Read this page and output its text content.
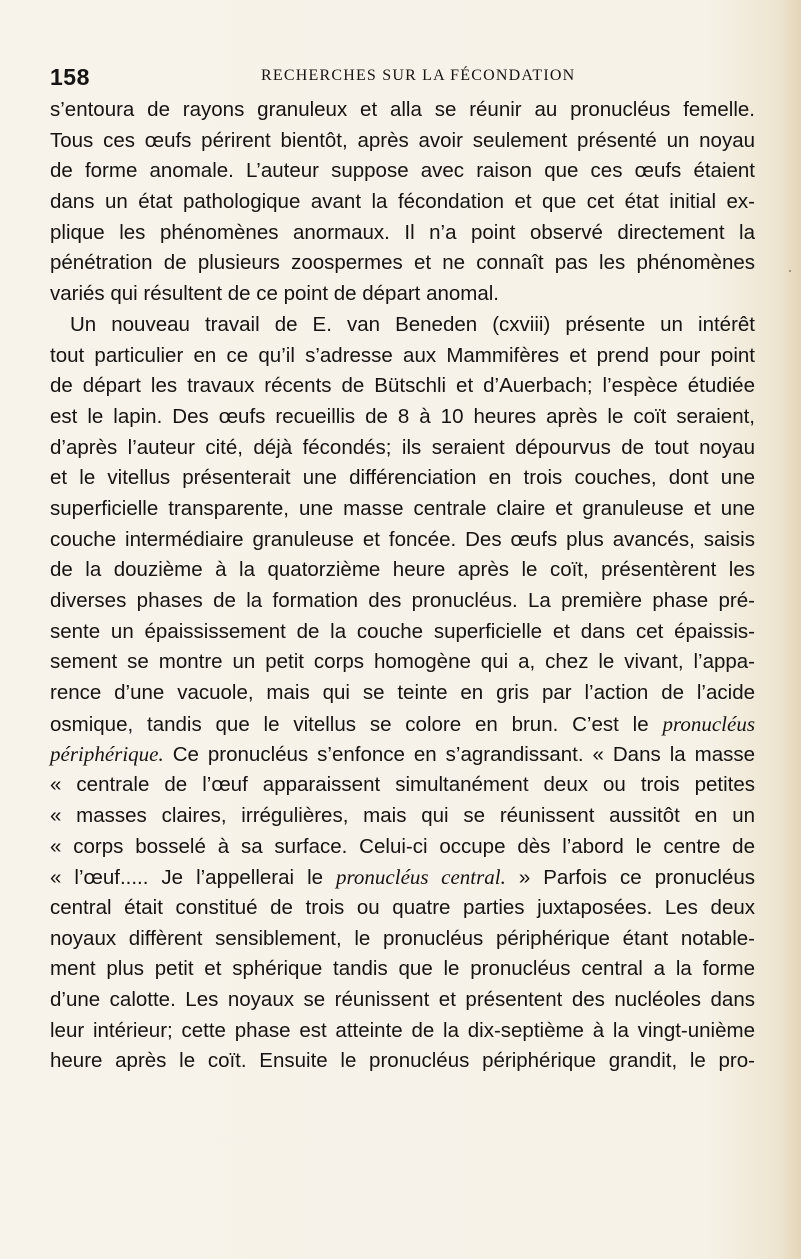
158	RECHERCHES SUR LA FÉCONDATION
s’entoura de rayons granuleux et alla se réunir au pronucléus femelle.
Tous ces œufs périrent bientôt, après avoir seulement présenté un noyau
de forme anomale. L’auteur suppose avec raison que ces œufs étaient
dans un état pathologique avant la fécondation et que cet état initial ex-
plique les phénomènes anormaux. Il n’a point observé directement la
pénétration de plusieurs zoospermes et ne connaît pas les phénomènes
variés qui résultent de ce point de départ anomal.
Un nouveau travail de E. van Beneden (cxviii) présente un intérêt
tout particulier en ce qu’il s’adresse aux Mammifères et prend pour point
de départ les travaux récents de Bütschli et d’Auerbach; l’espèce étudiée
est le lapin. Des œufs recueillis de 8 à 10 heures après le coït seraient,
d’après l’auteur cité, déjà fécondés; ils seraient dépourvus de tout noyau
et le vitellus présenterait une différenciation en trois couches, dont une
superficielle transparente, une masse centrale claire et granuleuse et une
couche intermédiaire granuleuse et foncée. Des œufs plus avancés, saisis
de la douzième à la quatorzième heure après le coït, présentèrent les
diverses phases de la formation des pronucléus. La première phase pré-
sente un épaississement de la couche superficielle et dans cet épaissis-
sement se montre un petit corps homogène qui a, chez le vivant, l’appa-
rence d’une vacuole, mais qui se teinte en gris par l’action de l’acide
osmique, tandis que le vitellus se colore en brun. C’est le pronucléus
périphérique. Ce pronucléus s’enfonce en s’agrandissant. « Dans la masse
« centrale de l’œuf apparaissent simultanément deux ou trois petites
« masses claires, irrégulières, mais qui se réunissent aussitôt en un
« corps bosselé à sa surface. Celui-ci occupe dès l’abord le centre de
« l’œuf..... Je l’appellerai le pronucléus central. » Parfois ce pronucléus
central était constitué de trois ou quatre parties juxtaposées. Les deux
noyaux diffèrent sensiblement, le pronucléus périphérique étant notable-
ment plus petit et sphérique tandis que le pronucléus central a la forme
d’une calotte. Les noyaux se réunissent et présentent des nucléoles dans
leur intérieur; cette phase est atteinte de la dix-septième à la vingt-unième
heure après le coït. Ensuite le pronucléus périphérique grandit, le pro-
